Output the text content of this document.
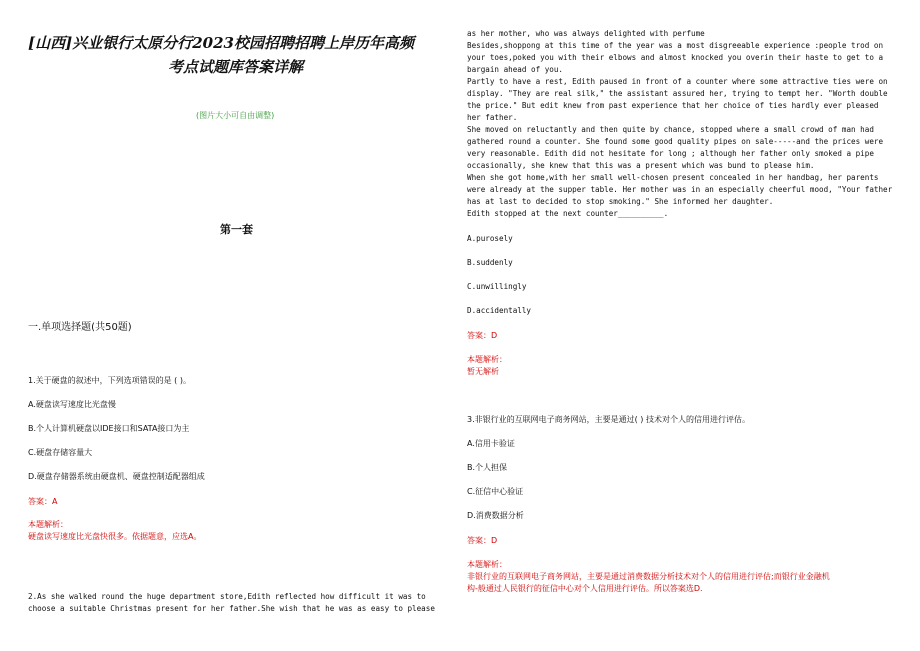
[山西]兴业银行太原分行2023校园招聘招聘上岸历年高频
考点试题库答案详解
(图片大小可自由调整)
第一套
一.单项选择题(共50题)
1.关于硬盘的叙述中，下列选项错误的是 ( )。
A.硬盘读写速度比光盘慢
B.个人计算机硬盘以IDE接口和SATA接口为主
C.硬盘存储容量大
D.硬盘存储器系统由硬盘机、硬盘控制适配器组成
答案：A
本题解析：
硬盘读写速度比光盘快很多。依据题意，应选A。
2.As she walked round the huge department store,Edith reflected how difficult it was to
choose a suitable Christmas present for her father.She wish that he was as easy to please

as her mother, who was always delighted with perfume

Besides,shoppong at this time of the year was a most disgreeable experience :people trod on your toes,poked you with their elbows and almost knocked you overin their haste to get to a bargain ahead of you.

Partly to have a rest, Edith paused in front of a counter where some attractive ties were on display. "They are real silk," the assistant assured her, trying to tempt her. "Worth double the price." But edit knew from past experience that her choice of ties hardly ever pleased her father.

She moved on reluctantly and then quite by chance, stopped where a small crowd of man had gathered round a counter. She found some good quality pipes on sale-----and the prices were very reasonable. Edith did not hesitate for long ; although her father only smoked a pipe occasionally, she knew that this was a present which was bund to please him.

When she got home,with her small well-chosen present concealed in her handbag, her parents were already at the supper table. Her mother was in an especially cheerful mood, "Your father has at last to decided to stop smoking." She informed her daughter.

Edith stopped at the next counter__________.

A.purosely
B.suddenly
C.unwillingly
D.accidentally
答案：D
本题解析：
暂无解析
3.非银行业的互联网电子商务网站，主要是通过( ) 技术对个人的信用进行评估。
A.信用卡验证
B.个人担保
C.征信中心验证
D.消费数据分析
答案：D
本题解析：
非银行业的互联网电子商务网站，主要是通过消费数据分析技术对个人的信用进行评估;而银行业金融机
构-般通过人民银行的征信中心对个人信用进行评估。所以答案选D.
